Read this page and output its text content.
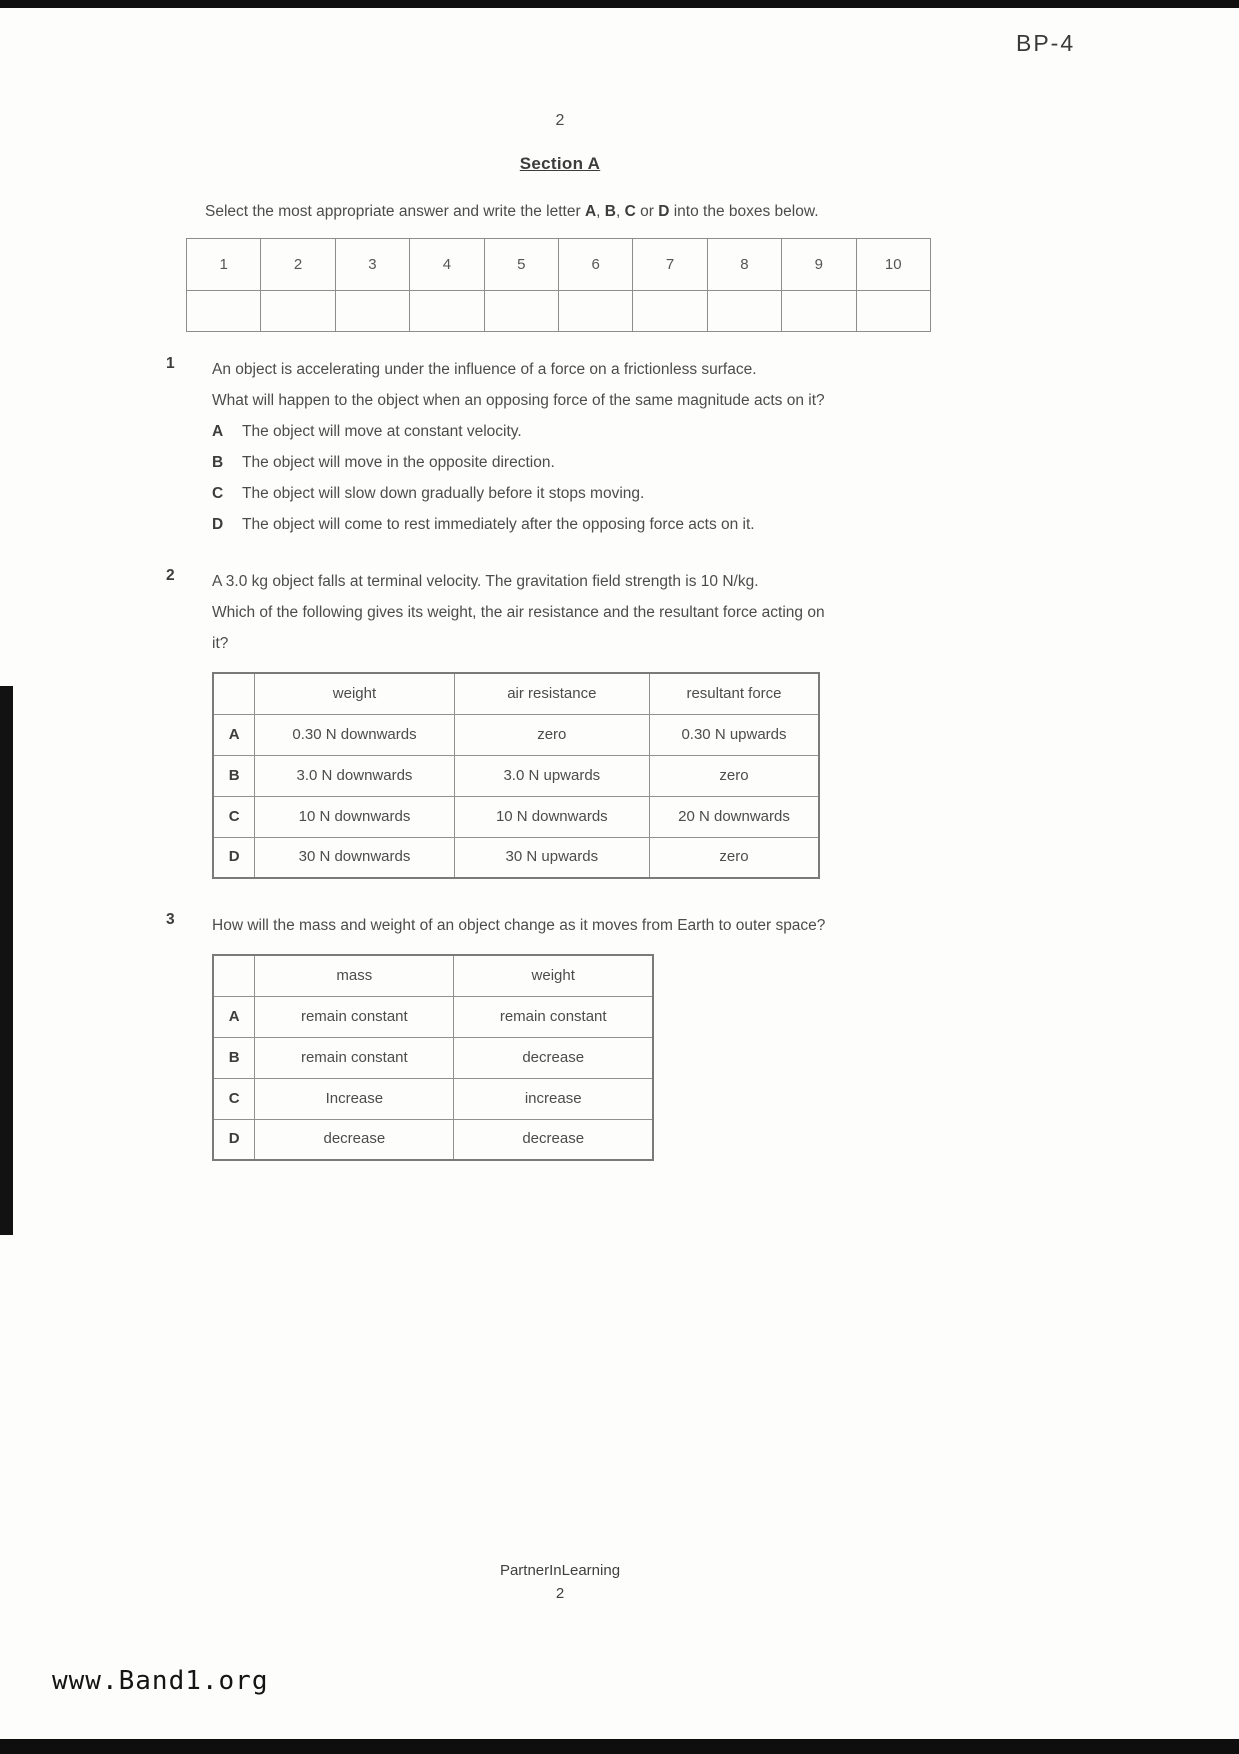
BP-4
2
Section A
Select the most appropriate answer and write the letter A, B, C or D into the boxes below.
1	2	3	4	5	6	7	8	9	10

1	An object is accelerating under the influence of a force on a frictionless surface.
What will happen to the object when an opposing force of the same magnitude acts on it?
A	The object will move at constant velocity.
B	The object will move in the opposite direction.
C	The object will slow down gradually before it stops moving.
D	The object will come to rest immediately after the opposing force acts on it.
2	A 3.0 kg object falls at terminal velocity. The gravitation field strength is 10 N/kg.
Which of the following gives its weight, the air resistance and the resultant force acting on
it?
	weight	air resistance	resultant force
A	0.30 N downwards	zero	0.30 N upwards
B	3.0 N downwards	3.0 N upwards	zero
C	10 N downwards	10 N downwards	20 N downwards
D	30 N downwards	30 N upwards	zero
3	How will the mass and weight of an object change as it moves from Earth to outer space?
	mass	weight
A	remain constant	remain constant
B	remain constant	decrease
C	Increase	increase
D	decrease	decrease
PartnerInLearning
2
www.Band1.org
